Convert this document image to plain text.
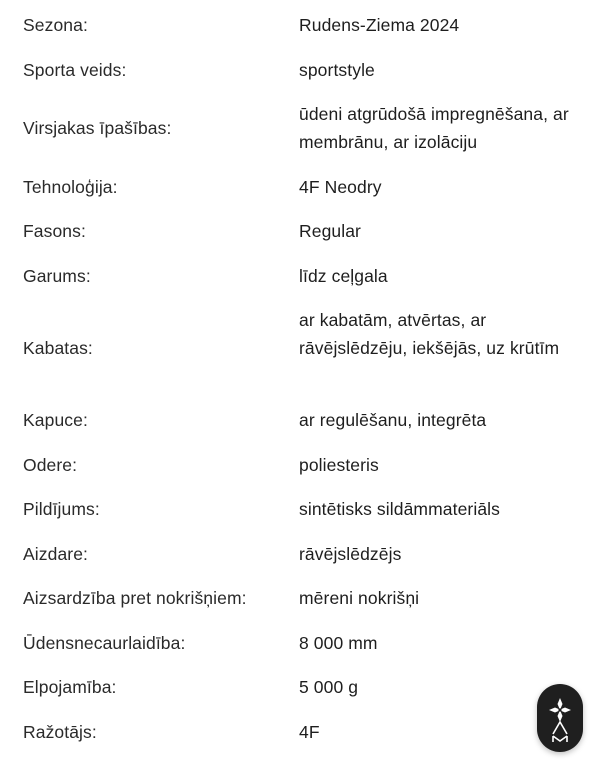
Sezona:	Rudens-Ziema 2024
Sporta veids:	sportstyle
Virsjakas īpašības:
ūdeni atgrūdošā impregnēšana, ar membrānu, ar izolāciju
Tehnoloģija:	4F Neodry
Fasons:	Regular
Garums:	līdz ceļgala
Kabatas:
ar kabatām, atvērtas, ar rāvējslēdzēju, iekšējās, uz krūtīm
Kapuce:	ar regulēšanu, integrēta
Odere:	poliesteris
Pildījums:	sintētisks sildāmmateriāls
Aizdare:	rāvējslēdzējs
Aizsardzība pret nokrišņiem:	mēreni nokrišņi
Ūdensnecaurlaidība:	8 000 mm
Elpojamība:	5 000 g
Ražotājs:	4F
